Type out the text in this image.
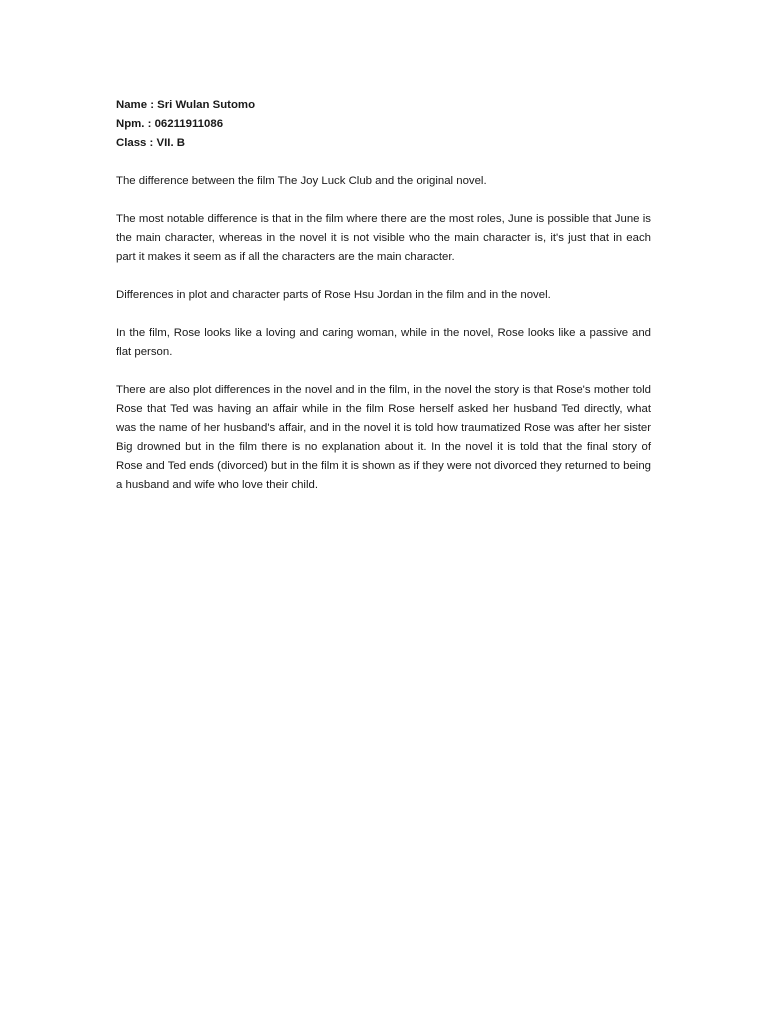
Name : Sri Wulan Sutomo

Npm. : 06211911086

Class : VII. B

The difference between the film The Joy Luck Club and the original novel.

The most notable difference is that in the film where there are the most roles, June is possible that June is the main character, whereas in the novel it is not visible who the main character is, it's just that in each part it makes it seem as if all the characters are the main character.

Differences in plot and character parts of Rose Hsu Jordan in the film and in the novel.

In the film, Rose looks like a loving and caring woman, while in the novel, Rose looks like a passive and flat person.

There are also plot differences in the novel and in the film, in the novel the story is that Rose's mother told Rose that Ted was having an affair while in the film Rose herself asked her husband Ted directly, what was the name of her husband's affair, and in the novel it is told how traumatized Rose was after her sister Big drowned but in the film there is no explanation about it. In the novel it is told that the final story of Rose and Ted ends (divorced) but in the film it is shown as if they were not divorced they returned to being a husband and wife who love their child.
